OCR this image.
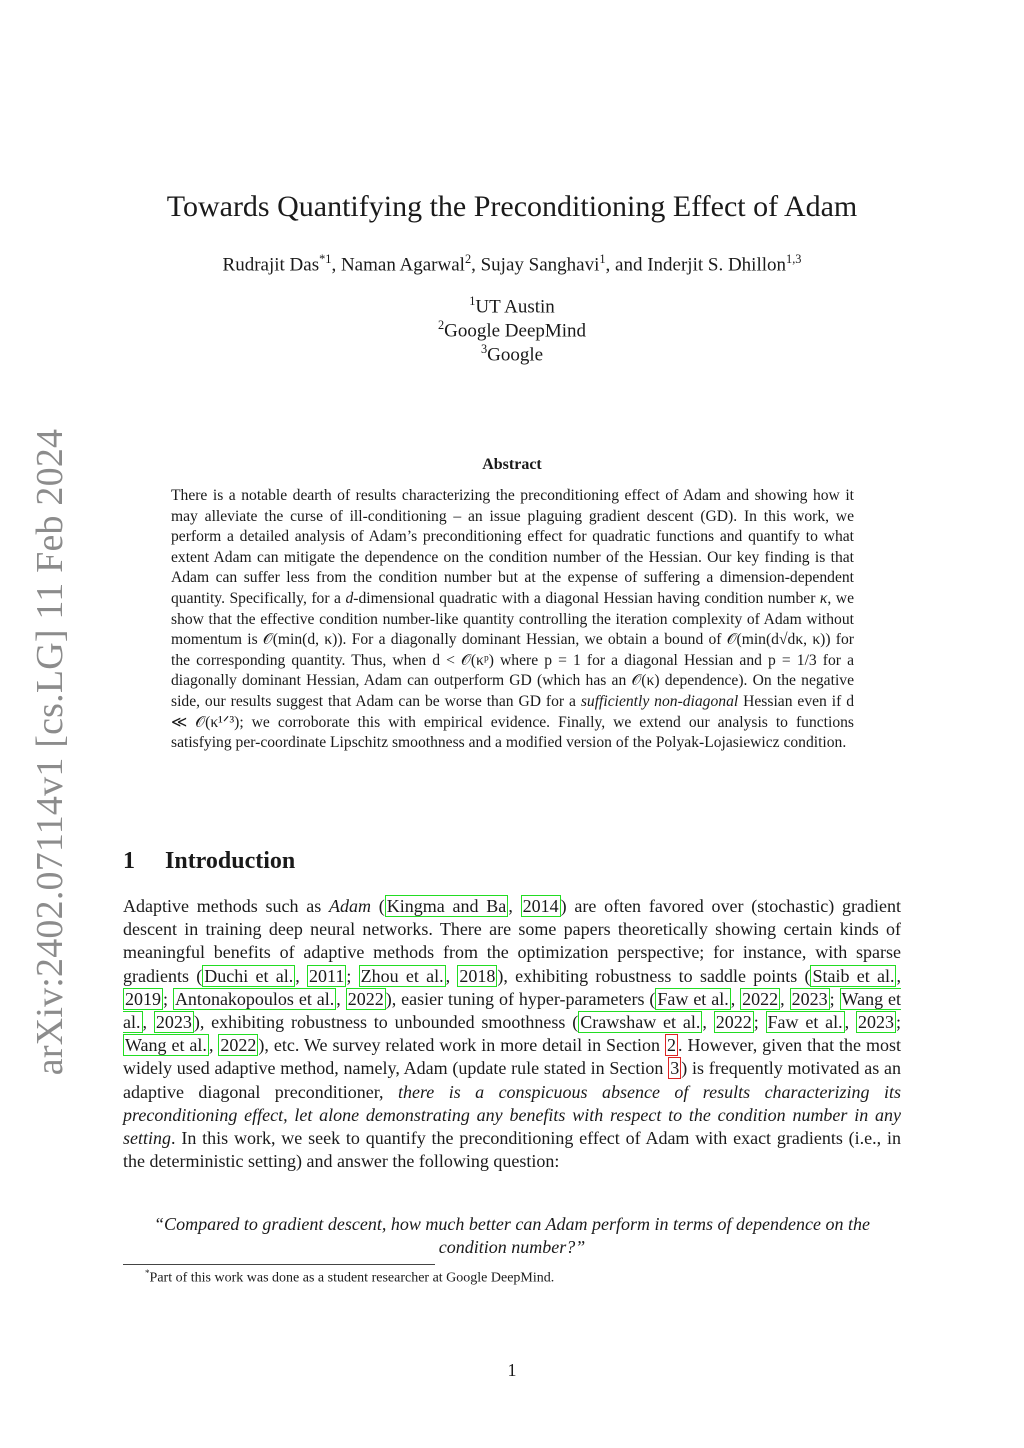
arXiv:2402.07114v1 [cs.LG] 11 Feb 2024
Towards Quantifying the Preconditioning Effect of Adam
Rudrajit Das$^{*1}$, Naman Agarwal$^2$, Sujay Sanghavi$^1$, and Inderjit S. Dhillon$^{1,3}$
$^1$UT Austin
$^2$Google DeepMind
$^3$Google
Abstract
There is a notable dearth of results characterizing the preconditioning effect of Adam and showing how it may alleviate the curse of ill-conditioning – an issue plaguing gradient descent (GD). In this work, we perform a detailed analysis of Adam’s preconditioning effect for quadratic functions and quantify to what extent Adam can mitigate the dependence on the condition number of the Hessian. Our key finding is that Adam can suffer less from the condition number but at the expense of suffering a dimension-dependent quantity. Specifically, for a d-dimensional quadratic with a diagonal Hessian having condition number κ, we show that the effective condition number-like quantity controlling the iteration complexity of Adam without momentum is 𝒪(min(d, κ)). For a diagonally dominant Hessian, we obtain a bound of 𝒪(min(d√dκ, κ)) for the corresponding quantity. Thus, when d < 𝒪(κᵖ) where p = 1 for a diagonal Hessian and p = 1/3 for a diagonally dominant Hessian, Adam can outperform GD (which has an 𝒪(κ) dependence). On the negative side, our results suggest that Adam can be worse than GD for a sufficiently non-diagonal Hessian even if d ≪ 𝒪(κ¹ᐟ³); we corroborate this with empirical evidence. Finally, we extend our analysis to functions satisfying per-coordinate Lipschitz smoothness and a modified version of the Polyak-Lojasiewicz condition.
1 Introduction
Adaptive methods such as Adam ( Kingma and Ba , 2014 ) are often favored over (stochastic) gradient descent in training deep neural networks. There are some papers theoretically showing certain kinds of meaningful benefits of adaptive methods from the optimization perspective; for instance, with sparse gradients ( Duchi et al. , 2011 ; Zhou et al. , 2018 ), exhibiting robustness to saddle points ( Staib et al. , 2019 ; Antonakopoulos et al. , 2022 ), easier tuning of hyper-parameters ( Faw et al. , 2022 , 2023 ; Wang et al. , 2023 ), exhibiting robustness to unbounded smoothness ( Crawshaw et al. , 2022 ; Faw et al. , 2023 ; Wang et al. , 2022 ), etc. We survey related work in more detail in Section 2 . However, given that the most widely used adaptive method, namely, Adam (update rule stated in Section 3 ) is frequently motivated as an adaptive diagonal preconditioner, there is a conspicuous absence of results characterizing its preconditioning effect, let alone demonstrating any benefits with respect to the condition number in any setting. In this work, we seek to quantify the preconditioning effect of Adam with exact gradients (i.e., in the deterministic setting) and answer the following question:
“Compared to gradient descent, how much better can Adam perform in terms of dependence on the condition number?”
*Part of this work was done as a student researcher at Google DeepMind.
1
